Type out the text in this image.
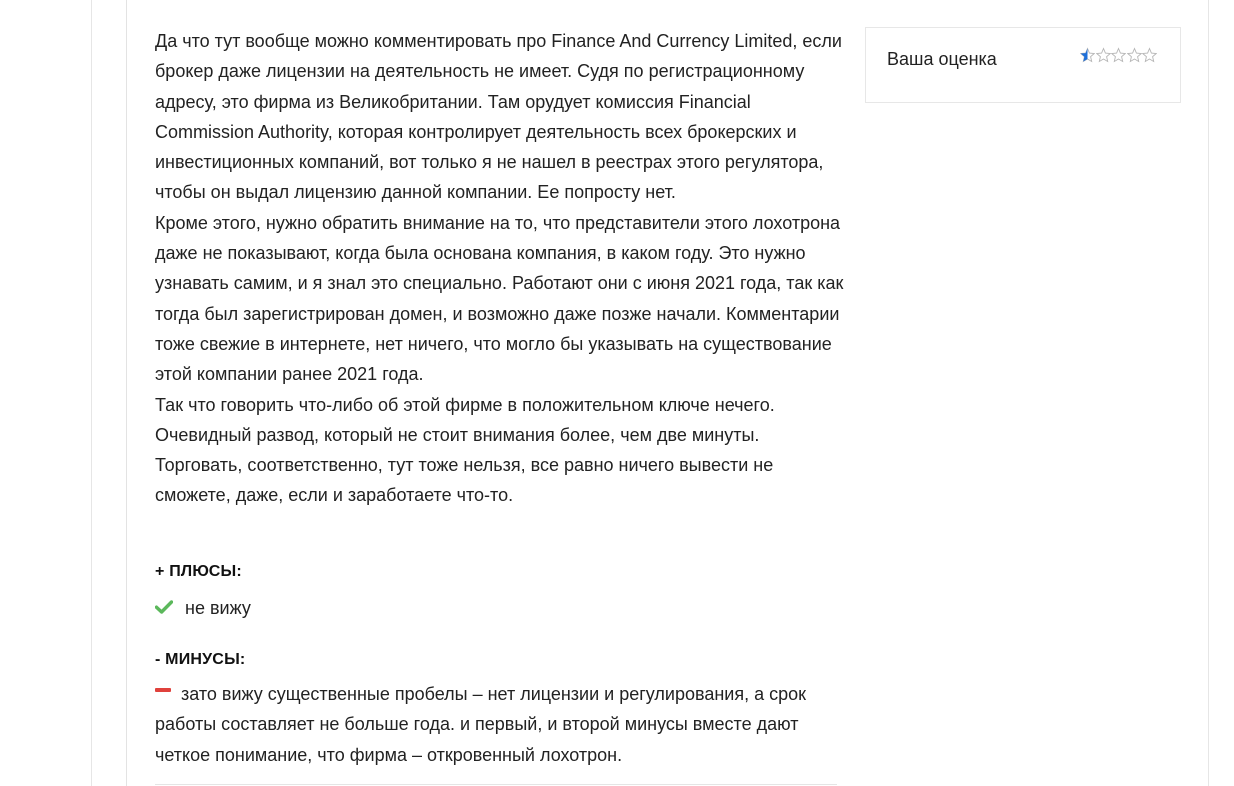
Да что тут вообще можно комментировать про Finance And Currency Limited, если брокер даже лицензии на деятельность не имеет. Судя по регистрационному адресу, это фирма из Великобритании. Там орудует комиссия Financial Commission Authority, которая контролирует деятельность всех брокерских и инвестиционных компаний, вот только я не нашел в реестрах этого регулятора, чтобы он выдал лицензию данной компании. Ее попросту нет.
Кроме этого, нужно обратить внимание на то, что представители этого лохотрона даже не показывают, когда была основана компания, в каком году. Это нужно узнавать самим, и я знал это специально. Работают они с июня 2021 года, так как тогда был зарегистрирован домен, и возможно даже позже начали. Комментарии тоже свежие в интернете, нет ничего, что могло бы указывать на существование этой компании ранее 2021 года.
Так что говорить что-либо об этой фирме в положительном ключе нечего. Очевидный развод, который не стоит внимания более, чем две минуты. Торговать, соответственно, тут тоже нельзя, все равно ничего вывести не сможете, даже, если и заработаете что-то.

+ ПЛЮСЫ:
не вижу
- МИНУСЫ:
зато вижу существенные пробелы – нет лицензии и регулирования, а срок работы составляет не больше года. и первый, и второй минусы вместе дают четкое понимание, что фирма – откровенный лохотрон.
Ваша оценка
